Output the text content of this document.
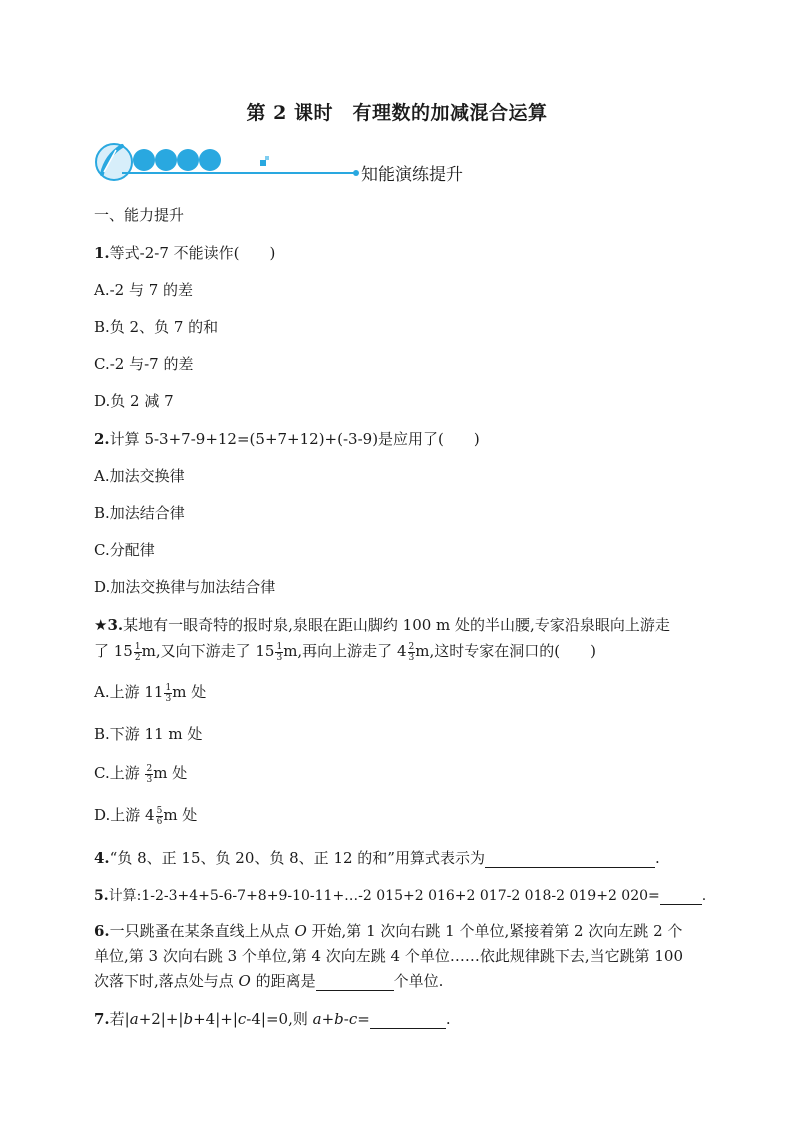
第 2 课时　有理数的加减混合运算
知能演练提升
一、能力提升
1.等式-2-7 不能读作(　　)
A.-2 与 7 的差
B.负 2、负 7 的和
C.-2 与-7 的差
D.负 2 减 7
2.计算 5-3+7-9+12=(5+7+12)+(-3-9)是应用了(　　)
A.加法交换律
B.加法结合律
C.分配律
D.加法交换律与加法结合律
★3.某地有一眼奇特的报时泉,泉眼在距山脚约 100 m 处的半山腰,专家沿泉眼向上游走
了 $15 \frac{1}{2} m$,又向下游走了 $15 \frac{1}{3} m$,再向上游走了 $4 \frac{2}{3} m$,这时专家在洞口的(　　)
A.上游 $11 \frac{1}{3}$ m 处
B.下游 11 m 处
C.上游 $\frac{2}{3}$ m 处
D.上游 $4 \frac{5}{6}$ m 处
4.“负 8、正 15、负 20、负 8、正 12 的和”用算式表示为	.
5.计算:1-2-3+4+5-6-7+8+9-10-11+…-2 015+2 016+2 017-2 018-2 019+2 020=	.
6.一只跳蚤在某条直线上从点 O 开始,第 1 次向右跳 1 个单位,紧接着第 2 次向左跳 2 个
单位,第 3 次向右跳 3 个单位,第 4 次向左跳 4 个单位……依此规律跳下去,当它跳第 100
次落下时,落点处与点 O 的距离是	个单位.
7.若|a+2|+|b+4|+|c-4|=0,则 a+b-c=	.
